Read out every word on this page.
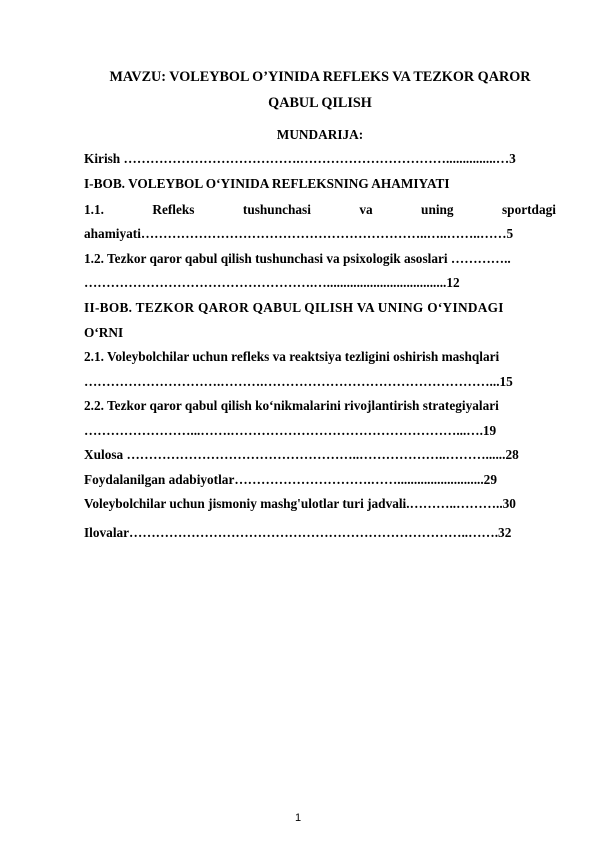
MAVZU: VOLEYBOL O’YINIDA REFLEKS VA TEZKOR QAROR
QABUL QILISH
MUNDARIJA:
Kirish ………………………………….……………………………...............…3
I-BOB. VOLEYBOL O‘YINIDA REFLEKSNING AHAMIYATI
1.1.	Refleks	tushunchasi	va	uning	sportdagi
ahamiyati………………………………………………………..…..……..……5
1.2. Tezkor qaror qabul qilish tushunchasi va psixologik asoslari …………..
…………………………………………….…....................................12
II-BOB. TEZKOR QAROR QABUL QILISH VA UNING O‘YINDAGI
O‘RNI
2.1. Voleybolchilar uchun refleks va reaktsiya tezligini oshirish mashqlari
………………………….……….……………………………………………...15
2.2. Tezkor qaror qabul qilish ko‘nikmalarini rivojlantirish strategiyalari
……………………...…….……………………………………………...….19
Xulosa ……………………………………………..………………..………......28
Foydalanilgan adabiyotlar………………………….……..........................29
Voleybolchilar uchun jismoniy mashg'ulotlar turi jadvali.………..………..30
Ilovalar…………………………………………………………………..…….32
1
